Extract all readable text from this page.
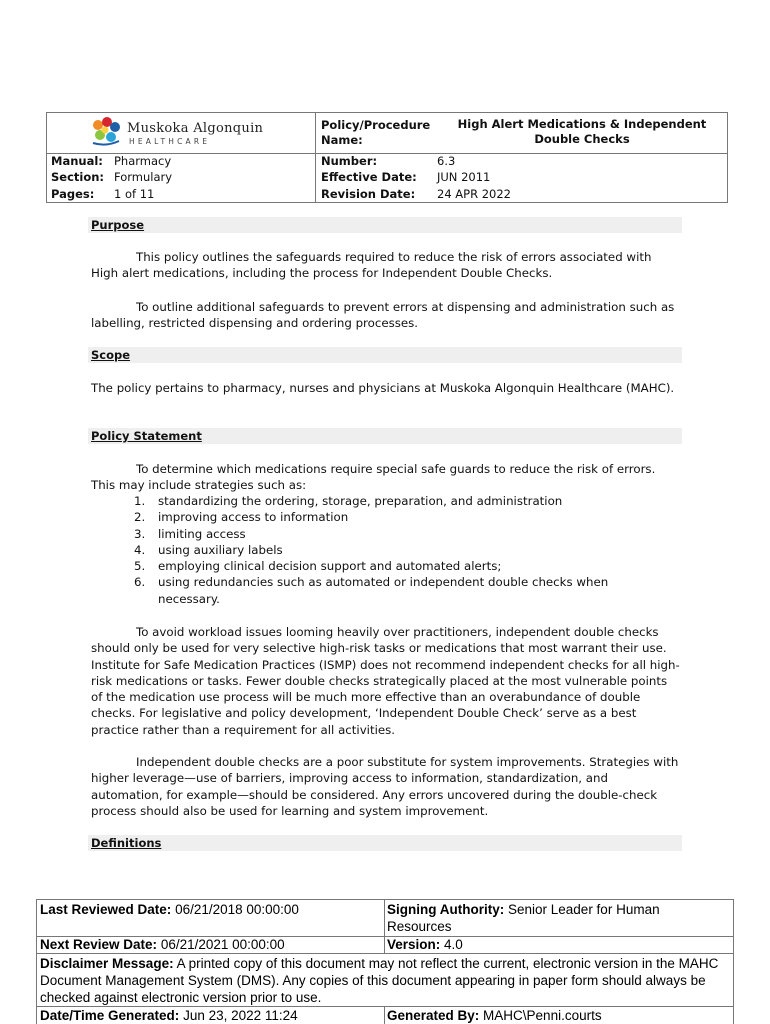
Muskoka Algonquin
HEALTHCARE
Manual: Pharmacy
Section: Formulary
Pages: 1 of 11
Policy/Procedure Name:
High Alert Medications & Independent Double Checks
Number:	6.3
Effective Date: JUN 2011
Revision Date: 24 APR 2022
Purpose

This policy outlines the safeguards required to reduce the risk of errors associated with High alert medications, including the process for Independent Double Checks.

To outline additional safeguards to prevent errors at dispensing and administration such as labelling, restricted dispensing and ordering processes.

Scope

The policy pertains to pharmacy, nurses and physicians at Muskoka Algonquin Healthcare (MAHC).

Policy Statement

To determine which medications require special safe guards to reduce the risk of errors. This may include strategies such as:

1. standardizing the ordering, storage, preparation, and administration
2. improving access to information
3. limiting access
4. using auxiliary labels
5. employing clinical decision support and automated alerts;
6. using redundancies such as automated or independent double checks when necessary.

To avoid workload issues looming heavily over practitioners, independent double checks should only be used for very selective high-risk tasks or medications that most warrant their use. Institute for Safe Medication Practices (ISMP) does not recommend independent checks for all high-risk medications or tasks. Fewer double checks strategically placed at the most vulnerable points of the medication use process will be much more effective than an overabundance of double checks. For legislative and policy development, ‘Independent Double Check’ serve as a best practice rather than a requirement for all activities.

Independent double checks are a poor substitute for system improvements. Strategies with higher leverage—use of barriers, improving access to information, standardization, and automation, for example—should be considered. Any errors uncovered during the double-check process should also be used for learning and system improvement.

Definitions
Last Reviewed Date: 06/21/2018 00:00:00	Signing Authority: Senior Leader for Human Resources
Next Review Date: 06/21/2021 00:00:00	Version: 4.0
Disclaimer Message: A printed copy of this document may not reflect the current, electronic version in the MAHC Document Management System (DMS). Any copies of this document appearing in paper form should always be checked against electronic version prior to use.
Date/Time Generated: Jun 23, 2022 11:24	Generated By: MAHC\Penni.courts
